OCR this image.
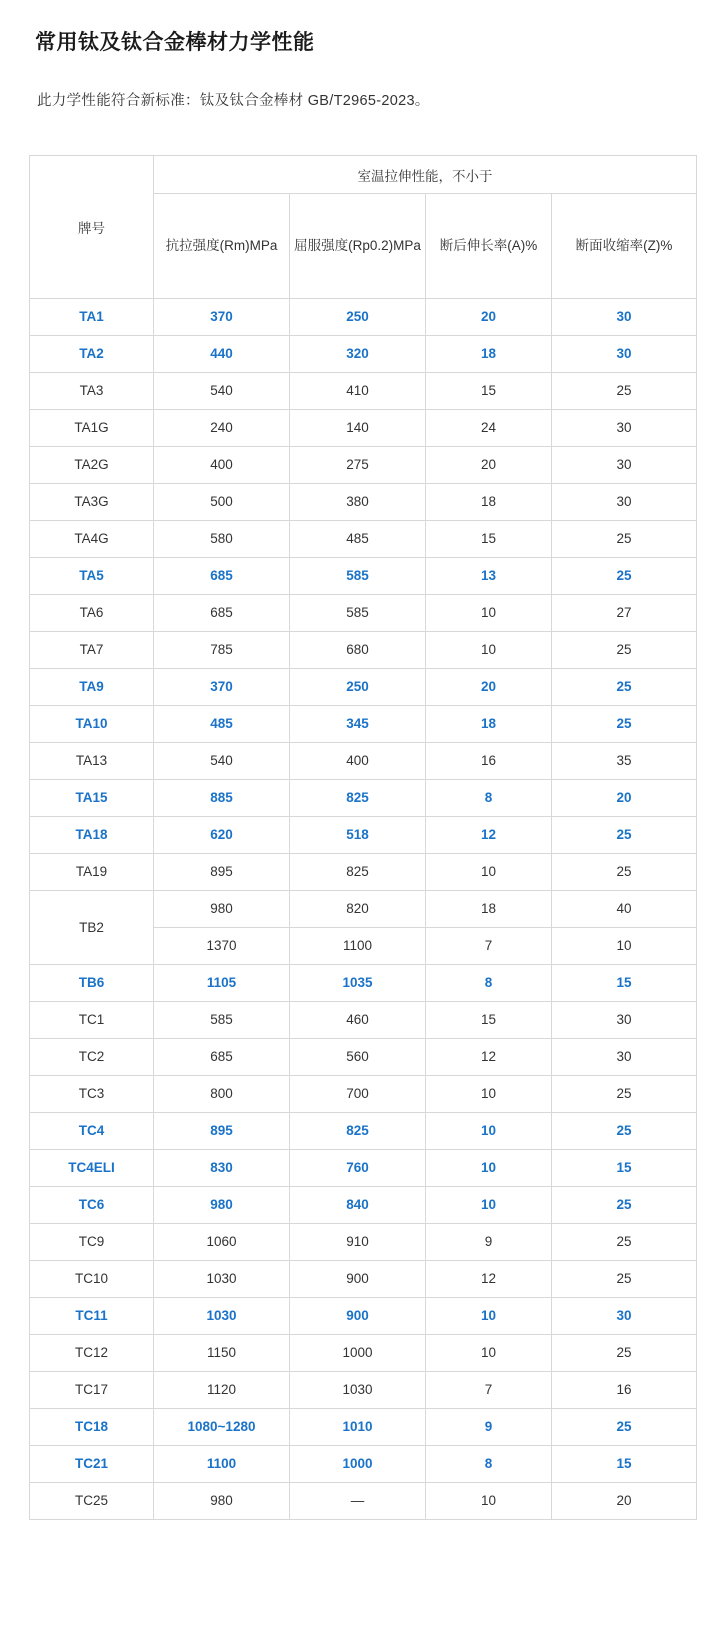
常用钛及钛合金棒材力学性能

此力学性能符合新标准：钛及钛合金棒材 GB/T2965-2023。

牌号	室温拉伸性能，不小于			
	抗拉强度(Rm)MPa	屈服强度(Rp0.2)MPa	断后伸长率(A)%	断面收缩率(Z)%
TA1	370	250	20	30
TA2	440	320	18	30
TA3	540	410	15	25
TA1G	240	140	24	30
TA2G	400	275	20	30
TA3G	500	380	18	30
TA4G	580	485	15	25
TA5	685	585	13	25
TA6	685	585	10	27
TA7	785	680	10	25
TA9	370	250	20	25
TA10	485	345	18	25
TA13	540	400	16	35
TA15	885	825	8	20
TA18	620	518	12	25
TA19	895	825	10	25
TB2	980	820	18	40
	1370	1100	7	10
TB6	1105	1035	8	15
TC1	585	460	15	30
TC2	685	560	12	30
TC3	800	700	10	25
TC4	895	825	10	25
TC4ELI	830	760	10	15
TC6	980	840	10	25
TC9	1060	910	9	25
TC10	1030	900	12	25
TC11	1030	900	10	30
TC12	1150	1000	10	25
TC17	1120	1030	7	16
TC18	1080~1280	1010	9	25
TC21	1100	1000	8	15
TC25	980	—	10	20
